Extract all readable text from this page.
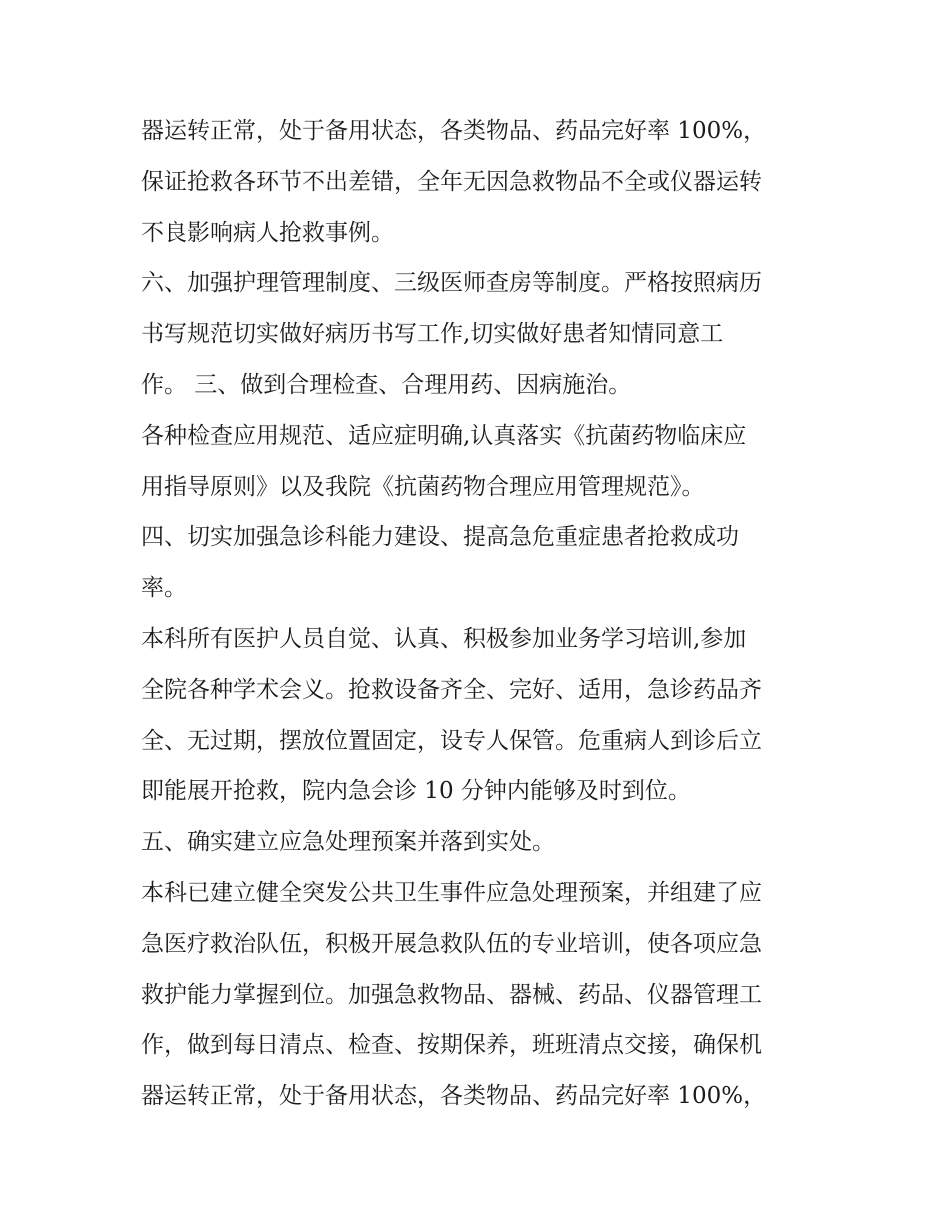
器运转正常，处于备用状态，各类物品、药品完好率 100%，
保证抢救各环节不出差错，全年无因急救物品不全或仪器运转
不良影响病人抢救事例。
六、加强护理管理制度、三级医师查房等制度。严格按照病历
书写规范切实做好病历书写工作,切实做好患者知情同意工
作。 三、做到合理检查、合理用药、因病施治。
各种检查应用规范、适应症明确,认真落实《抗菌药物临床应
用指导原则》以及我院《抗菌药物合理应用管理规范》。
四、切实加强急诊科能力建设、提高急危重症患者抢救成功
率。
本科所有医护人员自觉、认真、积极参加业务学习培训,参加
全院各种学术会义。抢救设备齐全、完好、适用，急诊药品齐
全、无过期，摆放位置固定，设专人保管。危重病人到诊后立
即能展开抢救，院内急会诊 10 分钟内能够及时到位。
五、确实建立应急处理预案并落到实处。
本科已建立健全突发公共卫生事件应急处理预案，并组建了应
急医疗救治队伍，积极开展急救队伍的专业培训，使各项应急
救护能力掌握到位。加强急救物品、器械、药品、仪器管理工
作，做到每日清点、检查、按期保养，班班清点交接，确保机
器运转正常，处于备用状态，各类物品、药品完好率 100%，
